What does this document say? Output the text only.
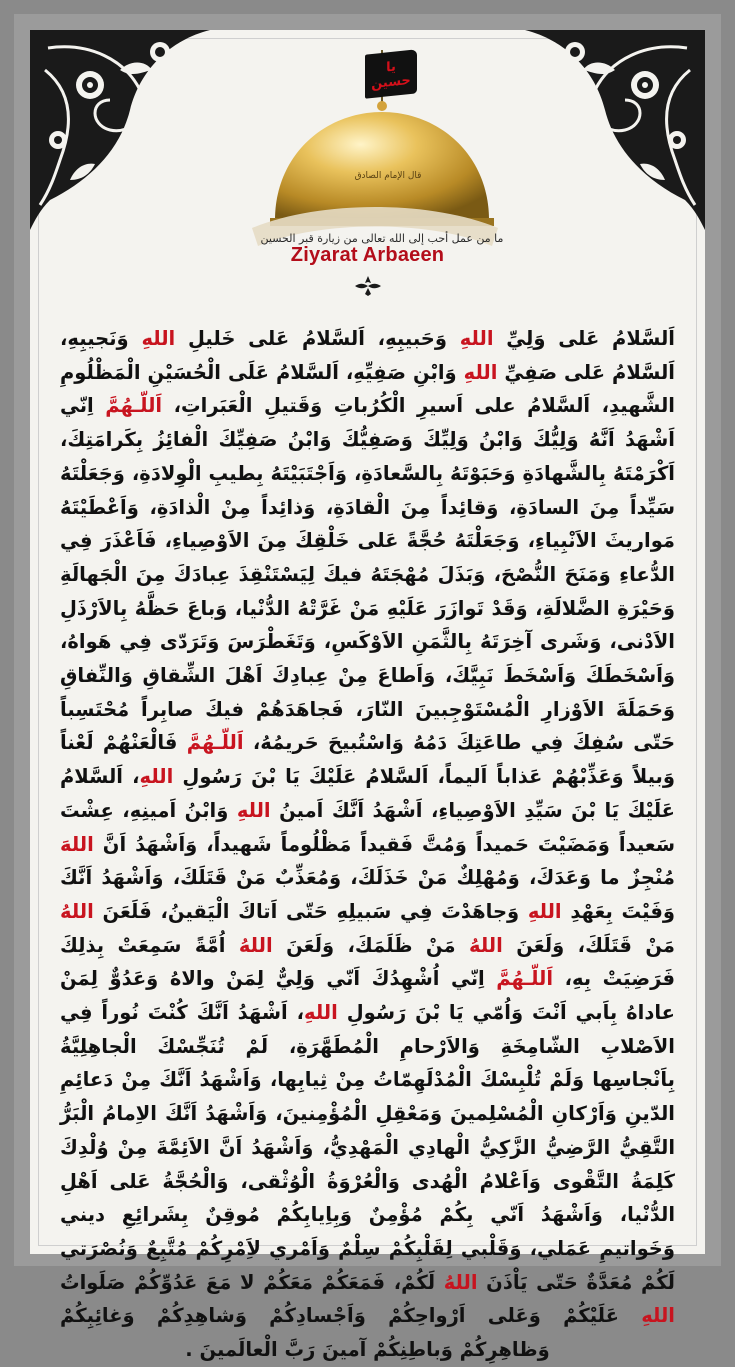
ما من عمل أحب إلى الله تعالى من زيارة قبر الحسين
قال الإمام الصادق
يا حسين
Ziyarat Arbaeen
اَلسَّلامُ عَلى وَلِيِّ اللهِ وَحَبيبِهِ، اَلسَّلامُ عَلى خَليلِ اللهِ وَنَجيبِهِ، اَلسَّلامُ عَلى صَفِيِّ اللهِ وَابْنِ صَفِيِّهِ، اَلسَّلامُ عَلَى الْحُسَيْنِ الْمَظْلُومِ الشَّهيدِ، اَلسَّلامُ على اَسيرِ الْكُرُباتِ وَقَتيلِ الْعَبَراتِ، اَللّـهُمَّ اِنّي اَشْهَدُ اَنَّهُ وَلِيُّكَ وَابْنُ وَلِيِّكَ وَصَفِيُّكَ وَابْنُ صَفِيِّكَ الْفائِزُ بِكَرامَتِكَ، اَكْرَمْتَهُ بِالشَّهادَةِ وَحَبَوْتَهُ بِالسَّعادَةِ، وَاَجْتَبَيْتَهُ بِطيبِ الْوِلادَةِ، وَجَعَلْتَهُ سَيِّداً مِنَ السادَةِ، وَقائِداً مِنَ الْقادَةِ، وَذائِداً مِنْ الْذادَةِ، وَاَعْطَيْتَهُ مَواريثَ الاَنْبِياءِ، وَجَعَلْتَهُ حُجَّةً عَلى خَلْقِكَ مِنَ الاَوْصِياءِ، فَاَعْذَرَ فِي الدُّعاءِ وَمَنَحَ النُّصْحَ، وَبَذَلَ مُهْجَتَهُ فيكَ لِيَسْتَنْقِذَ عِبادَكَ مِنَ الْجَهالَةِ وَحَيْرَةِ الضَّلالَةِ، وَقَدْ تَوازَرَ عَلَيْهِ مَنْ غَرَّتْهُ الدُّنْيا، وَباعَ حَظَّهُ بِالاَرْذَلِ الاَدْنى، وَشَرى آخِرَتَهُ بِالثَّمَنِ الاَوْكَسِ، وَتَغَطْرَسَ وَتَرَدّى فِي هَواهُ، وَاَسْخَطَكَ وَاَسْخَطَ نَبِيَّكَ، وَاَطاعَ مِنْ عِبادِكَ اَهْلَ الشِّقاقِ وَالنِّفاقِ وَحَمَلَةَ الاَوْزارِ الْمُسْتَوْجِبينَ النّارَ، فَجاهَدَهُمْ فيكَ صابِراً مُحْتَسِباً حَتّى سُفِكَ فِي طاعَتِكَ دَمُهُ وَاسْتُبيحَ حَريمُهُ، اَللّـهُمَّ فَالْعَنْهُمْ لَعْناً وَبيلاً وَعَذِّبْهُمْ عَذاباً اَليماً، اَلسَّلامُ عَلَيْكَ يَا بْنَ رَسُولِ اللهِ، اَلسَّلامُ عَلَيْكَ يَا بْنَ سَيِّدِ الاَوْصِياءِ، اَشْهَدُ اَنَّكَ اَمينُ اللهِ وَابْنُ اَمينِهِ، عِشْتَ سَعيداً وَمَضَيْتَ حَميداً وَمُتَّ فَقيداً مَظْلُوماً شَهيداً، وَاَشْهَدُ اَنَّ اللهَ مُنْجِزٌ ما وَعَدَكَ، وَمُهْلِكٌ مَنْ خَذَلَكَ، وَمُعَذِّبٌ مَنْ قَتَلَكَ، وَاَشْهَدُ اَنَّكَ وَفَيْتَ بِعَهْدِ اللهِ وَجاهَدْتَ فِي سَبيلِهِ حَتّى اَتاكَ الْيَقينُ، فَلَعَنَ اللهُ مَنْ قَتَلَكَ، وَلَعَنَ اللهُ مَنْ ظَلَمَكَ، وَلَعَنَ اللهُ اُمَّةً سَمِعَتْ بِذلِكَ فَرَضِيَتْ بِهِ، اَللّـهُمَّ اِنّي اُشْهِدُكَ اَنّي وَلِيٌّ لِمَنْ والاهُ وَعَدُوٌّ لِمَنْ عاداهُ بِاَبي اَنْتَ وَاُمّي يَا بْنَ رَسُولِ اللهِ، اَشْهَدُ اَنَّكَ كُنْتَ نُوراً فِي الاَصْلابِ الشّامِخَةِ وَالاَرْحامِ الْمُطَهَّرَةِ، لَمْ تُنَجِّسْكَ الْجاهِلِيَّةُ بِاَنْجاسِها وَلَمْ تُلْبِسْكَ الْمُدْلَهِمّاتُ مِنْ ثِيابِها، وَاَشْهَدُ اَنَّكَ مِنْ دَعائِمِ الدّينِ وَاَرْكانِ الْمُسْلِمينَ وَمَعْقِلِ الْمُؤْمِنينَ، وَاَشْهَدُ اَنَّكَ الاِمامُ الْبَرُّ التَّقِيُّ الرَّضِيُّ الزَّكِيُّ الْهادِي الْمَهْدِيُّ، وَاَشْهَدُ اَنَّ الاَئِمَّةَ مِنْ وُلْدِكَ كَلِمَةُ التَّقْوى وَاَعْلامُ الْهُدى وَالْعُرْوَةُ الْوُثْقى، وَالْحُجَّةُ عَلى اَهْلِ الدُّنْيا، وَاَشْهَدُ اَنّي بِكُمْ مُؤْمِنٌ وَبِاِيابِكُمْ مُوقِنٌ بِشَرائِعِ ديني وَخَواتيمِ عَمَلي، وَقَلْبي لِقَلْبِكُمْ سِلْمٌ وَاَمْري لاَِمْرِكُمْ مُتَّبِعٌ وَنُصْرَتي لَكُمْ مُعَدَّةٌ حَتّى يَاْذَنَ اللهُ لَكُمْ، فَمَعَكُمْ مَعَكُمْ لا مَعَ عَدُوِّكُمْ صَلَواتُ اللهِ عَلَيْكُمْ وَعَلى اَرْواحِكُمْ وَاَجْسادِكُمْ وَشاهِدِكُمْ وَغائِبِكُمْ وَظاهِرِكُمْ وَباطِنِكُمْ آمينَ رَبَّ الْعالَمينَ .
